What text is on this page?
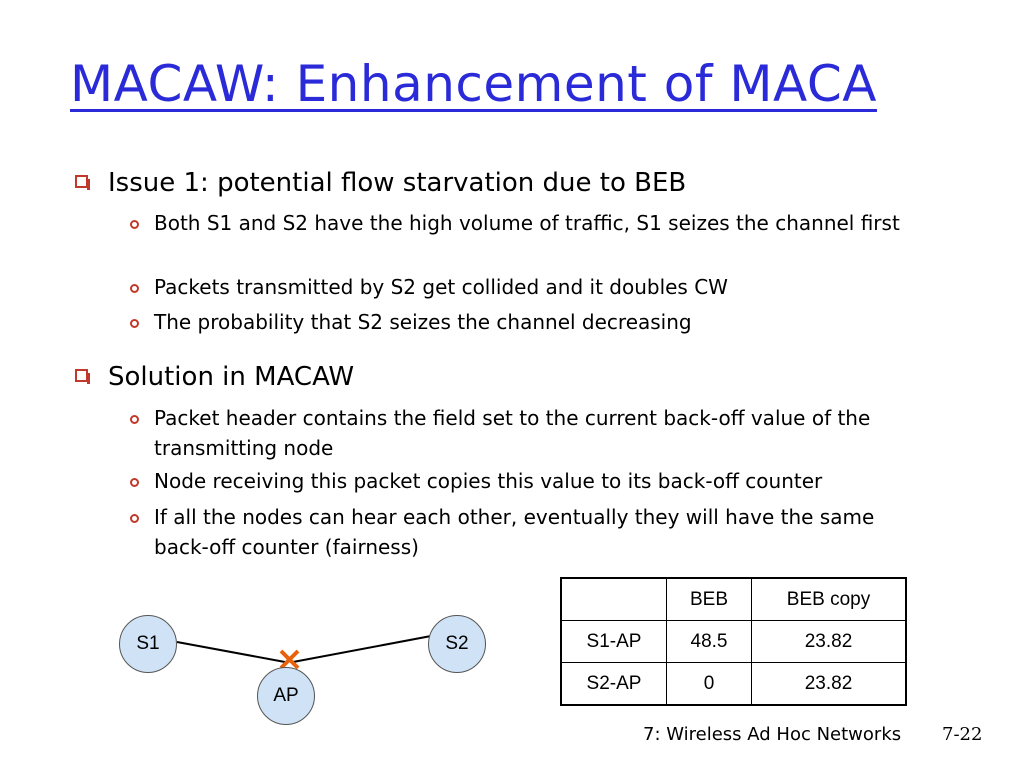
MACAW: Enhancement of MACA
Issue 1: potential flow starvation due to BEB
Both S1 and S2 have the high volume of traffic, S1 seizes the channel first
Packets transmitted by S2 get collided and it doubles CW
The probability that S2 seizes the channel decreasing
Solution in MACAW
Packet header contains the field set to the current back-off value of the transmitting node
Node receiving this packet copies this value to its back-off counter
If all the nodes can hear each other, eventually they will have the same back-off counter (fairness)
S1	S2
AP
	BEB	BEB copy
S1-AP	48.5	23.82
S2-AP	0	23.82
7: Wireless Ad Hoc Networks 7-22
